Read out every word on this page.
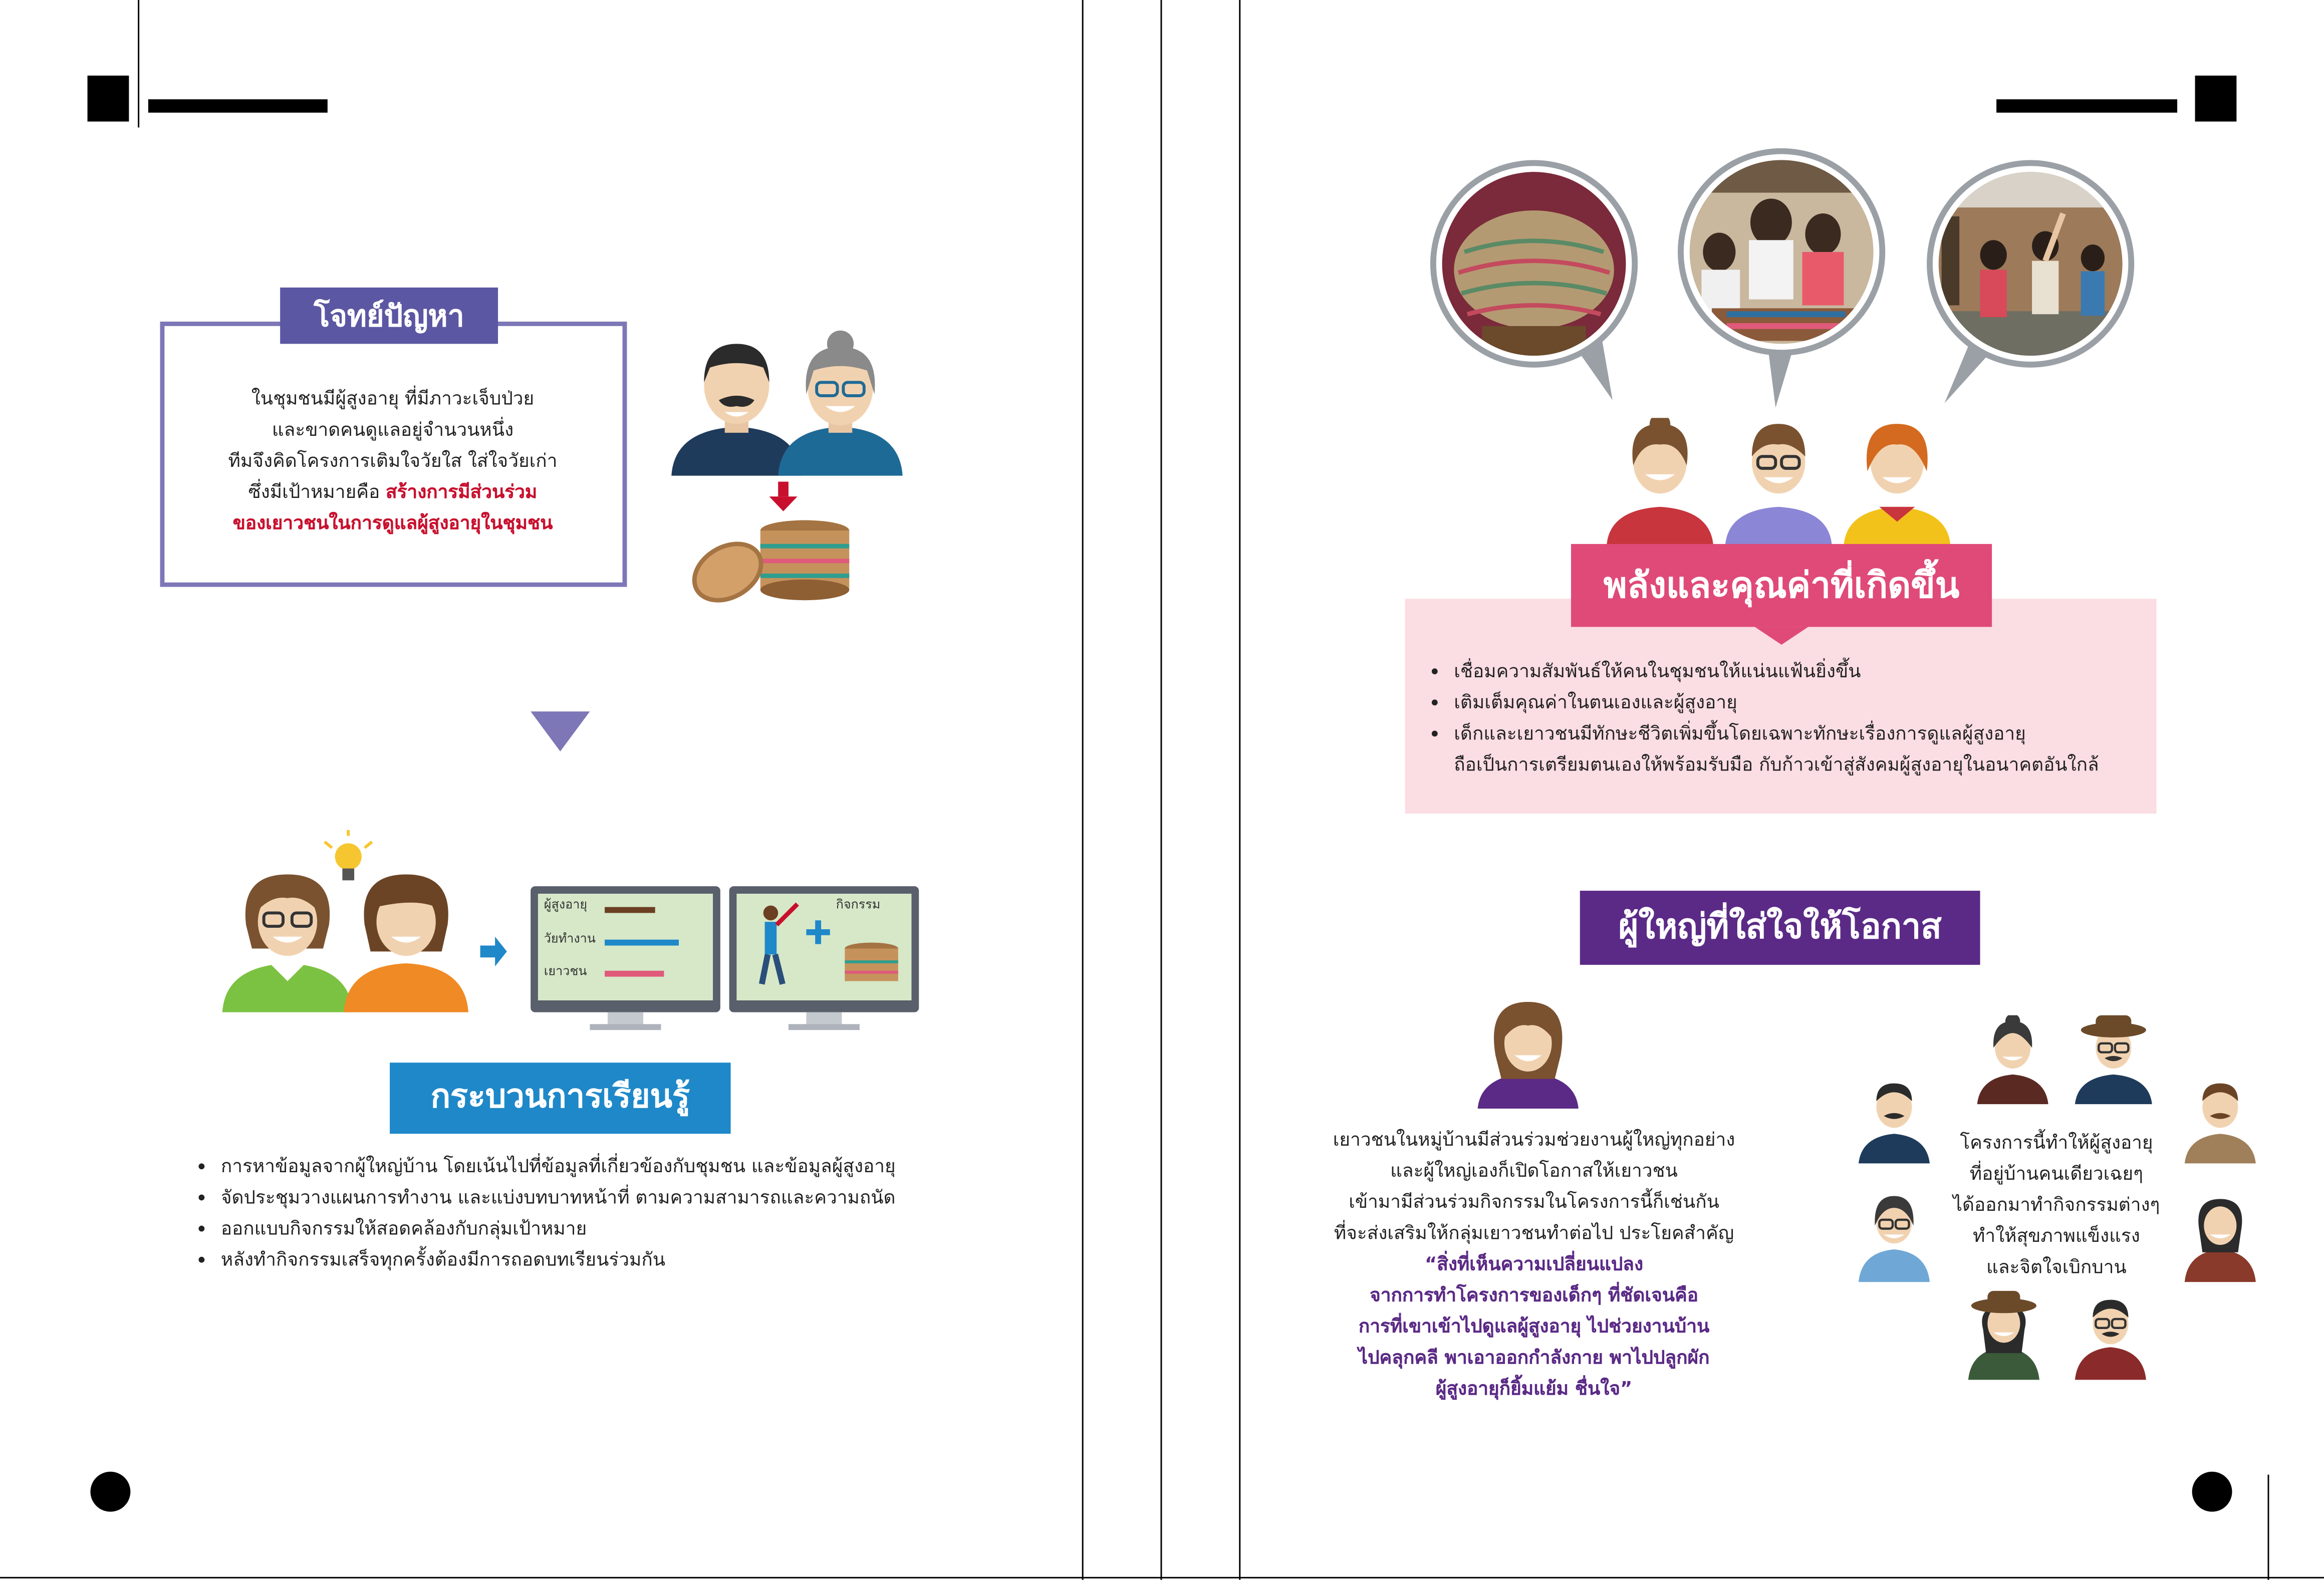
โจทย์ปัญหา
ในชุมชนมีผู้สูงอายุ ที่มีภาวะเจ็บป่วย
และขาดคนดูแลอยู่จำนวนหนึ่ง
ทีมจึงคิดโครงการเติมใจวัยใส ใส่ใจวัยเก่า
ซึ่งมีเป้าหมายคือ สร้างการมีส่วนร่วม
ของเยาวชนในการดูแลผู้สูงอายุในชุมชน
ผู้สูงอายุ
วัยทำงาน
เยาวชน
กิจกรรม
กระบวนการเรียนรู้
• การหาข้อมูลจากผู้ใหญ่บ้าน โดยเน้นไปที่ข้อมูลที่เกี่ยวข้องกับชุมชน และข้อมูลผู้สูงอายุ
• จัดประชุมวางแผนการทำงาน และแบ่งบทบาทหน้าที่ ตามความสามารถและความถนัด
• ออกแบบกิจกรรมให้สอดคล้องกับกลุ่มเป้าหมาย
• หลังทำกิจกรรมเสร็จทุกครั้งต้องมีการถอดบทเรียนร่วมกัน
พลังและคุณค่าที่เกิดขึ้น
• เชื่อมความสัมพันธ์ให้คนในชุมชนให้แน่นแฟ้นยิ่งขึ้น
• เติมเต็มคุณค่าในตนเองและผู้สูงอายุ
• เด็กและเยาวชนมีทักษะชีวิตเพิ่มขึ้นโดยเฉพาะทักษะเรื่องการดูแลผู้สูงอายุ
ถือเป็นการเตรียมตนเองให้พร้อมรับมือ กับก้าวเข้าสู่สังคมผู้สูงอายุในอนาคตอันใกล้
ผู้ใหญ่ที่ใส่ใจให้โอกาส
เยาวชนในหมู่บ้านมีส่วนร่วมช่วยงานผู้ใหญ่ทุกอย่าง
และผู้ใหญ่เองก็เปิดโอกาสให้เยาวชน
เข้ามามีส่วนร่วมกิจกรรมในโครงการนี้ก็เช่นกัน
ที่จะส่งเสริมให้กลุ่มเยาวชนทำต่อไป ประโยคสำคัญ
“สิ่งที่เห็นความเปลี่ยนแปลง
จากการทำโครงการของเด็กๆ ที่ชัดเจนคือ
การที่เขาเข้าไปดูแลผู้สูงอายุ ไปช่วยงานบ้าน
ไปคลุกคลี พาเอาออกกำลังกาย พาไปปลูกผัก
ผู้สูงอายุก็ยิ้มแย้ม ชื่นใจ”
โครงการนี้ทำให้ผู้สูงอายุ
ที่อยู่บ้านคนเดียวเฉยๆ
ได้ออกมาทำกิจกรรมต่างๆ
ทำให้สุขภาพแข็งแรง
และจิตใจเบิกบาน
